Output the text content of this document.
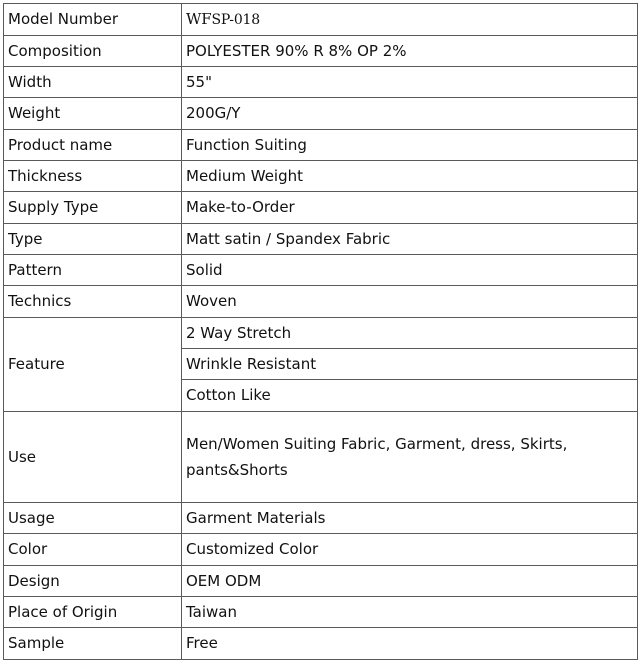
Model Number	WFSP-018
Composition	POLYESTER 90% R 8% OP 2%
Width	55"
Weight	200G/Y
Product name	Function Suiting
Thickness	Medium Weight
Supply Type	Make-to-Order
Type	Matt satin / Spandex Fabric
Pattern	Solid
Technics	Woven
Feature	2 Way Stretch
	Wrinkle Resistant
	Cotton Like
Use	Men/Women Suiting Fabric, Garment, dress, Skirts, pants&Shorts
Usage	Garment Materials
Color	Customized Color
Design	OEM ODM
Place of Origin	Taiwan
Sample	Free
